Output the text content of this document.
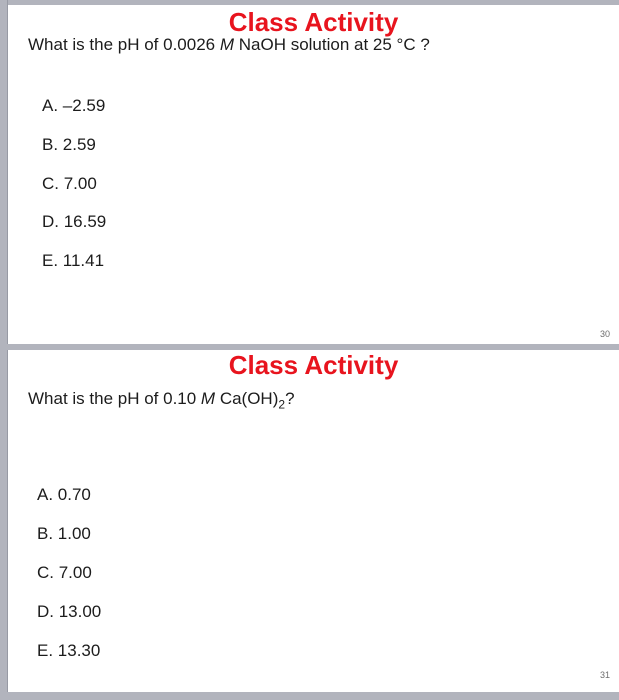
Class Activity

What is the pH of 0.0026 M NaOH solution at 25 °C ?

A. –2.59

B. 2.59

C. 7.00

D. 16.59

E. 11.41

30

Class Activity

What is the pH of 0.10 M $Ca(OH)_2$?

A. 0.70

B. 1.00

C. 7.00

D. 13.00

E. 13.30

31
